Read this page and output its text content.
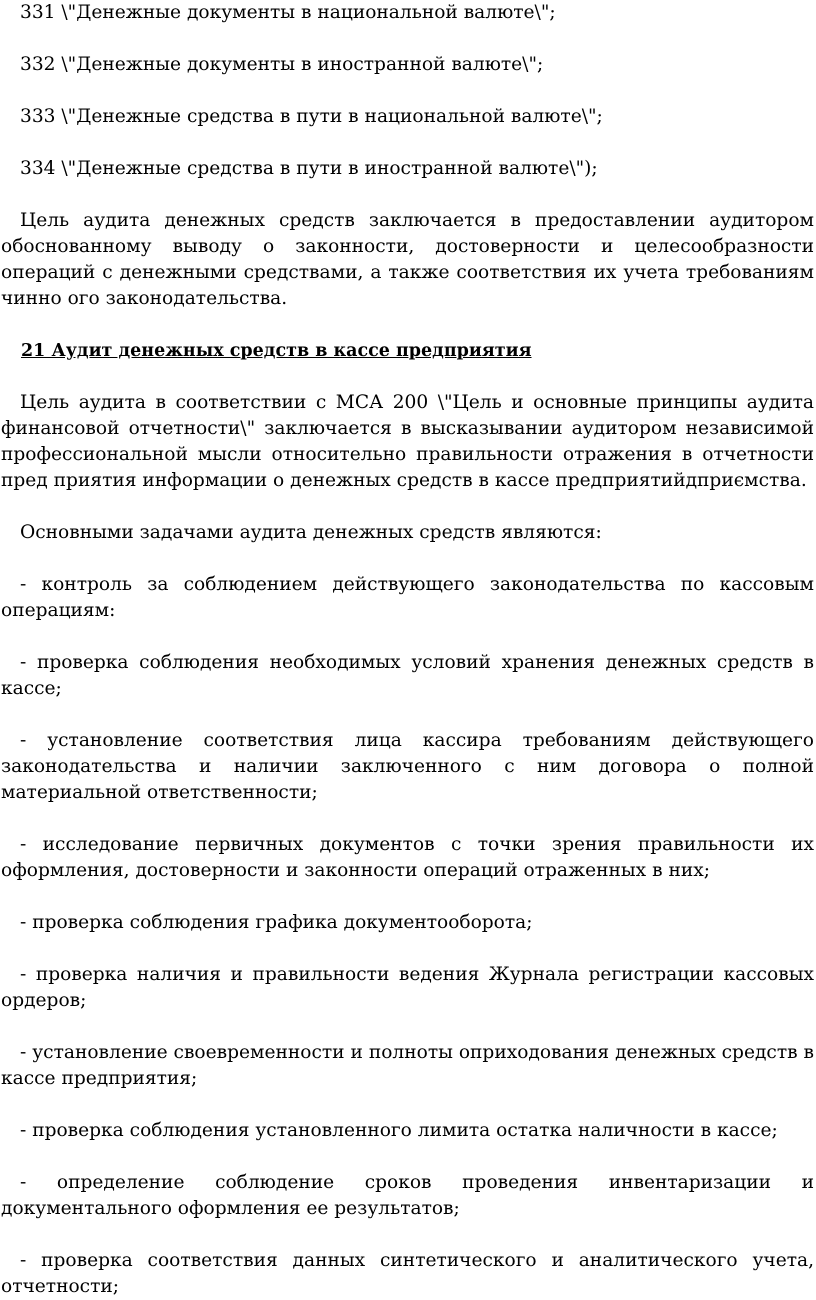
331 \"Денежные документы в национальной валюте\";

332 \"Денежные документы в иностранной валюте\";

333 \"Денежные средства в пути в национальной валюте\";

334 \"Денежные средства в пути в иностранной валюте\");

Цель аудита денежных средств заключается в предоставлении аудитором обоснованному выводу о законности, достоверности и целесообразности операций с денежными средствами, а также соответствия их учета требованиям чинно ого законодательства.

21 Аудит денежных средств в кассе предприятия

Цель аудита в соответствии с МСА 200 \"Цель и основные принципы аудита финансовой отчетности\" заключается в высказывании аудитором независимой профессиональной мысли относительно правильности отражения в отчетности пред приятия информации о денежных средств в кассе предприятийдприємства.

Основными задачами аудита денежных средств являются:

- контроль за соблюдением действующего законодательства по кассовым операциям:

- проверка соблюдения необходимых условий хранения денежных средств в кассе;

- установление соответствия лица кассира требованиям действующего законодательства и наличии заключенного с ним договора о полной материальной ответственности;

- исследование первичных документов с точки зрения правильности их оформления, достоверности и законности операций отраженных в них;

- проверка соблюдения графика документооборота;

- проверка наличия и правильности ведения Журнала регистрации кассовых ордеров;

- установление своевременности и полноты оприходования денежных средств в кассе предприятия;

- проверка соблюдения установленного лимита остатка наличности в кассе;

- определение соблюдение сроков проведения инвентаризации и документального оформления ее результатов;

- проверка соответствия данных синтетического и аналитического учета, отчетности;
